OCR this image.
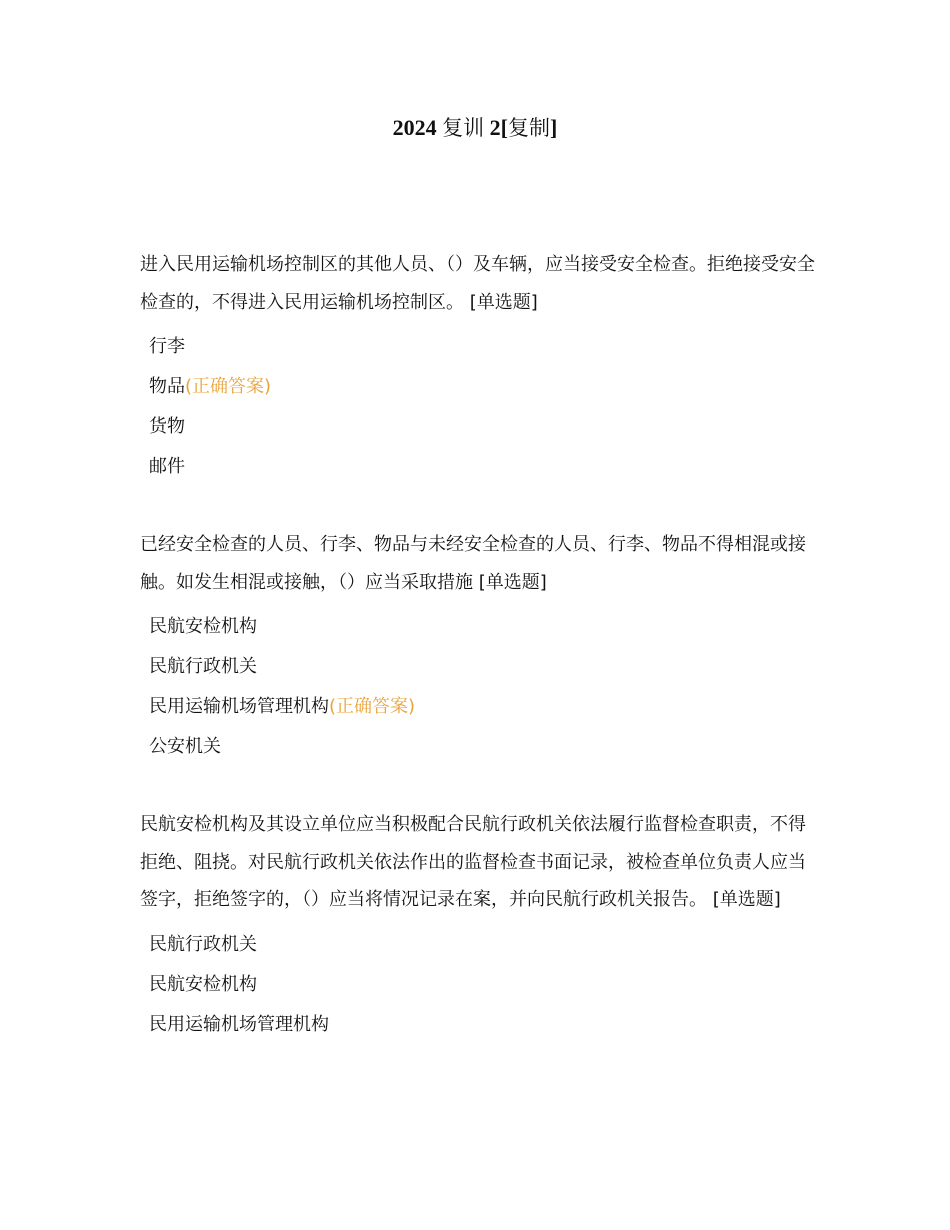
2024 复训 2[复制]

进入民用运输机场控制区的其他人员、（）及车辆，应当接受安全检查。拒绝接受安全检查的，不得进入民用运输机场控制区。 [单选题]

行李
物品(正确答案)
货物
邮件

已经安全检查的人员、行李、物品与未经安全检查的人员、行李、物品不得相混或接触。如发生相混或接触，（）应当采取措施 [单选题]

民航安检机构
民航行政机关
民用运输机场管理机构(正确答案)
公安机关

民航安检机构及其设立单位应当积极配合民航行政机关依法履行监督检查职责，不得拒绝、阻挠。对民航行政机关依法作出的监督检查书面记录，被检查单位负责人应当签字，拒绝签字的，（）应当将情况记录在案，并向民航行政机关报告。 [单选题]

民航行政机关
民航安检机构
民用运输机场管理机构
